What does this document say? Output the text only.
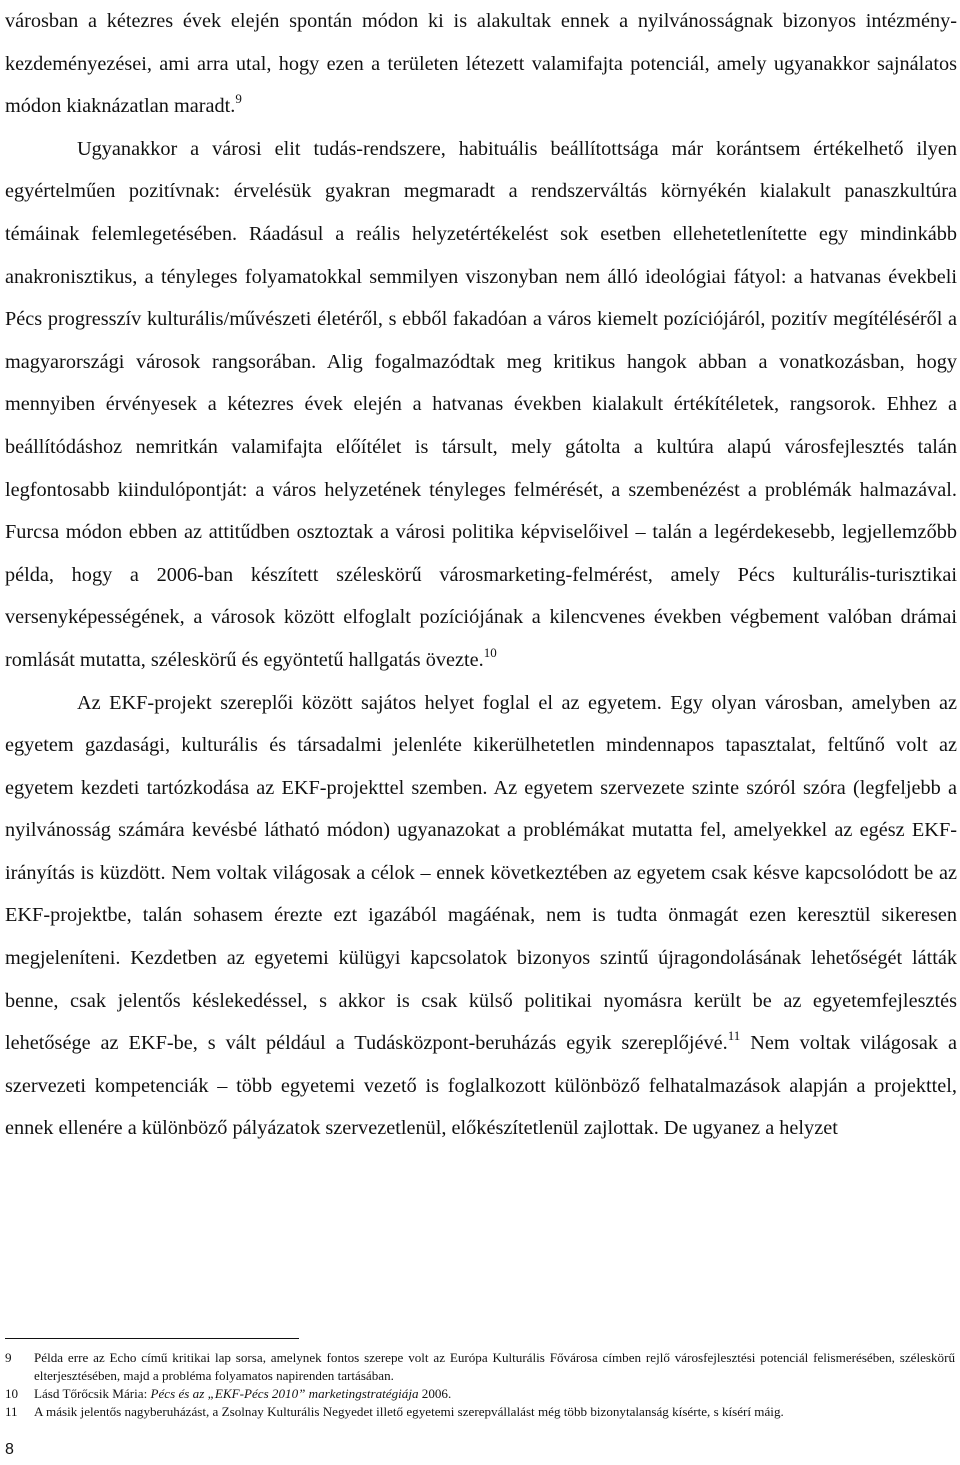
városban a kétezres évek elején spontán módon ki is alakultak ennek a nyilvánosságnak bizonyos intézmény-kezdeményezései, ami arra utal, hogy ezen a területen létezett valamifajta potenciál, amely ugyanakkor sajnálatos módon kiaknázatlan maradt.$^9$

Ugyanakkor a városi elit tudás-rendszere, habituális beállítottsága már korántsem értékelhető ilyen egyértelműen pozitívnak: érvelésük gyakran megmaradt a rendszerváltás környékén kialakult panaszkultúra témáinak felemlegetésében. Ráadásul a reális helyzetértékelést sok esetben ellehetetlenítette egy mindinkább anakronisztikus, a tényleges folyamatokkal semmilyen viszonyban nem álló ideológiai fátyol: a hatvanas évekbeli Pécs progresszív kulturális/művészeti életéről, s ebből fakadóan a város kiemelt pozíciójáról, pozitív megítéléséről a magyarországi városok rangsorában. Alig fogalmazódtak meg kritikus hangok abban a vonatkozásban, hogy mennyiben érvényesek a kétezres évek elején a hatvanas években kialakult értékítéletek, rangsorok. Ehhez a beállítódáshoz nemritkán valamifajta előítélet is társult, mely gátolta a kultúra alapú városfejlesztés talán legfontosabb kiindulópontját: a város helyzetének tényleges felmérését, a szembenézést a problémák halmazával. Furcsa módon ebben az attitűdben osztoztak a városi politika képviselőivel – talán a legérdekesebb, legjellemzőbb példa, hogy a 2006-ban készített széleskörű városmarketing-felmérést, amely Pécs kulturális-turisztikai versenyképességének, a városok között elfoglalt pozíciójának a kilencvenes években végbement valóban drámai romlását mutatta, széleskörű és egyöntetű hallgatás övezte.$^{10}$

Az EKF-projekt szereplői között sajátos helyet foglal el az egyetem. Egy olyan városban, amelyben az egyetem gazdasági, kulturális és társadalmi jelenléte kikerülhetetlen mindennapos tapasztalat, feltűnő volt az egyetem kezdeti tartózkodása az EKF-projekttel szemben. Az egyetem szervezete szinte szóról szóra (legfeljebb a nyilvánosság számára kevésbé látható módon) ugyanazokat a problémákat mutatta fel, amelyekkel az egész EKF-irányítás is küzdött. Nem voltak világosak a célok – ennek következtében az egyetem csak késve kapcsolódott be az EKF-projektbe, talán sohasem érezte ezt igazából magáénak, nem is tudta önmagát ezen keresztül sikeresen megjeleníteni. Kezdetben az egyetemi külügyi kapcsolatok bizonyos szintű újragondolásának lehetőségét látták benne, csak jelentős késlekedéssel, s akkor is csak külső politikai nyomásra került be az egyetemfejlesztés lehetősége az EKF-be, s vált például a Tudásközpont-beruházás egyik szereplőjévé.$^{11}$ Nem voltak világosak a szervezeti kompetenciák – több egyetemi vezető is foglalkozott különböző felhatalmazások alapján a projekttel, ennek ellenére a különböző pályázatok szervezetlenül, előkészítetlenül zajlottak. De ugyanez a helyzet

9 Példa erre az Echo című kritikai lap sorsa, amelynek fontos szerepe volt az Európa Kulturális Fővárosa címben rejlő városfejlesztési potenciál felismerésében, széleskörű elterjesztésében, majd a probléma folyamatos napirenden tartásában.

10 Lásd Tőrőcsik Mária: Pécs és az „EKF-Pécs 2010” marketingstratégiája 2006.

11 A másik jelentős nagyberuházást, a Zsolnay Kulturális Negyedet illető egyetemi szerepvállalást még több bizonytalanság kísérte, s kísérí máig.

8
